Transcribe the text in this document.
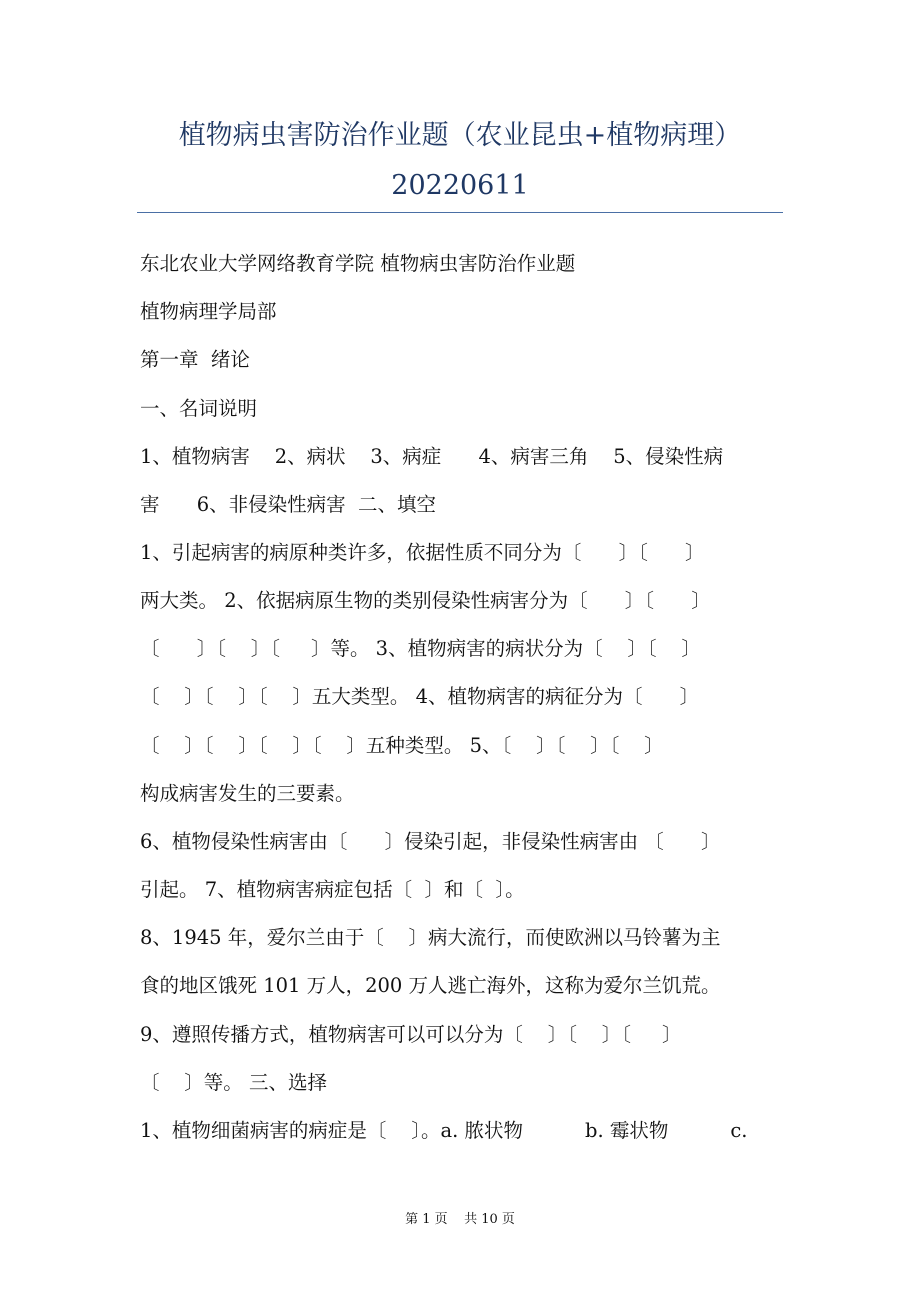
植物病虫害防治作业题（农业昆虫+植物病理）
20220611
东北农业大学网络教育学院 植物病虫害防治作业题
植物病理学局部
第一章  绪论
一、名词说明
1、植物病害    2、病状    3、病症      4、病害三角    5、侵染性病
害      6、非侵染性病害  二、填空
1、引起病害的病原种类许多，依据性质不同分为〔      〕〔      〕
两大类。 2、依据病原生物的类别侵染性病害分为〔      〕〔      〕
〔      〕〔    〕〔     〕等。 3、植物病害的病状分为〔    〕〔    〕
〔    〕〔    〕〔    〕五大类型。 4、植物病害的病征分为〔      〕
〔    〕〔    〕〔    〕〔    〕五种类型。 5、〔    〕〔    〕〔    〕
构成病害发生的三要素。
6、植物侵染性病害由〔      〕侵染引起，非侵染性病害由 〔      〕
引起。 7、植物病害病症包括〔  〕和〔  〕。
8、1945 年，爱尔兰由于〔    〕病大流行，而使欧洲以马铃薯为主
食的地区饿死 101 万人，200 万人逃亡海外，这称为爱尔兰饥荒。
9、遵照传播方式，植物病害可以可以分为〔    〕〔    〕〔     〕
〔    〕等。 三、选择
1、植物细菌病害的病症是〔    〕。a. 脓状物          b. 霉状物          c.
第 1 页    共 10 页
